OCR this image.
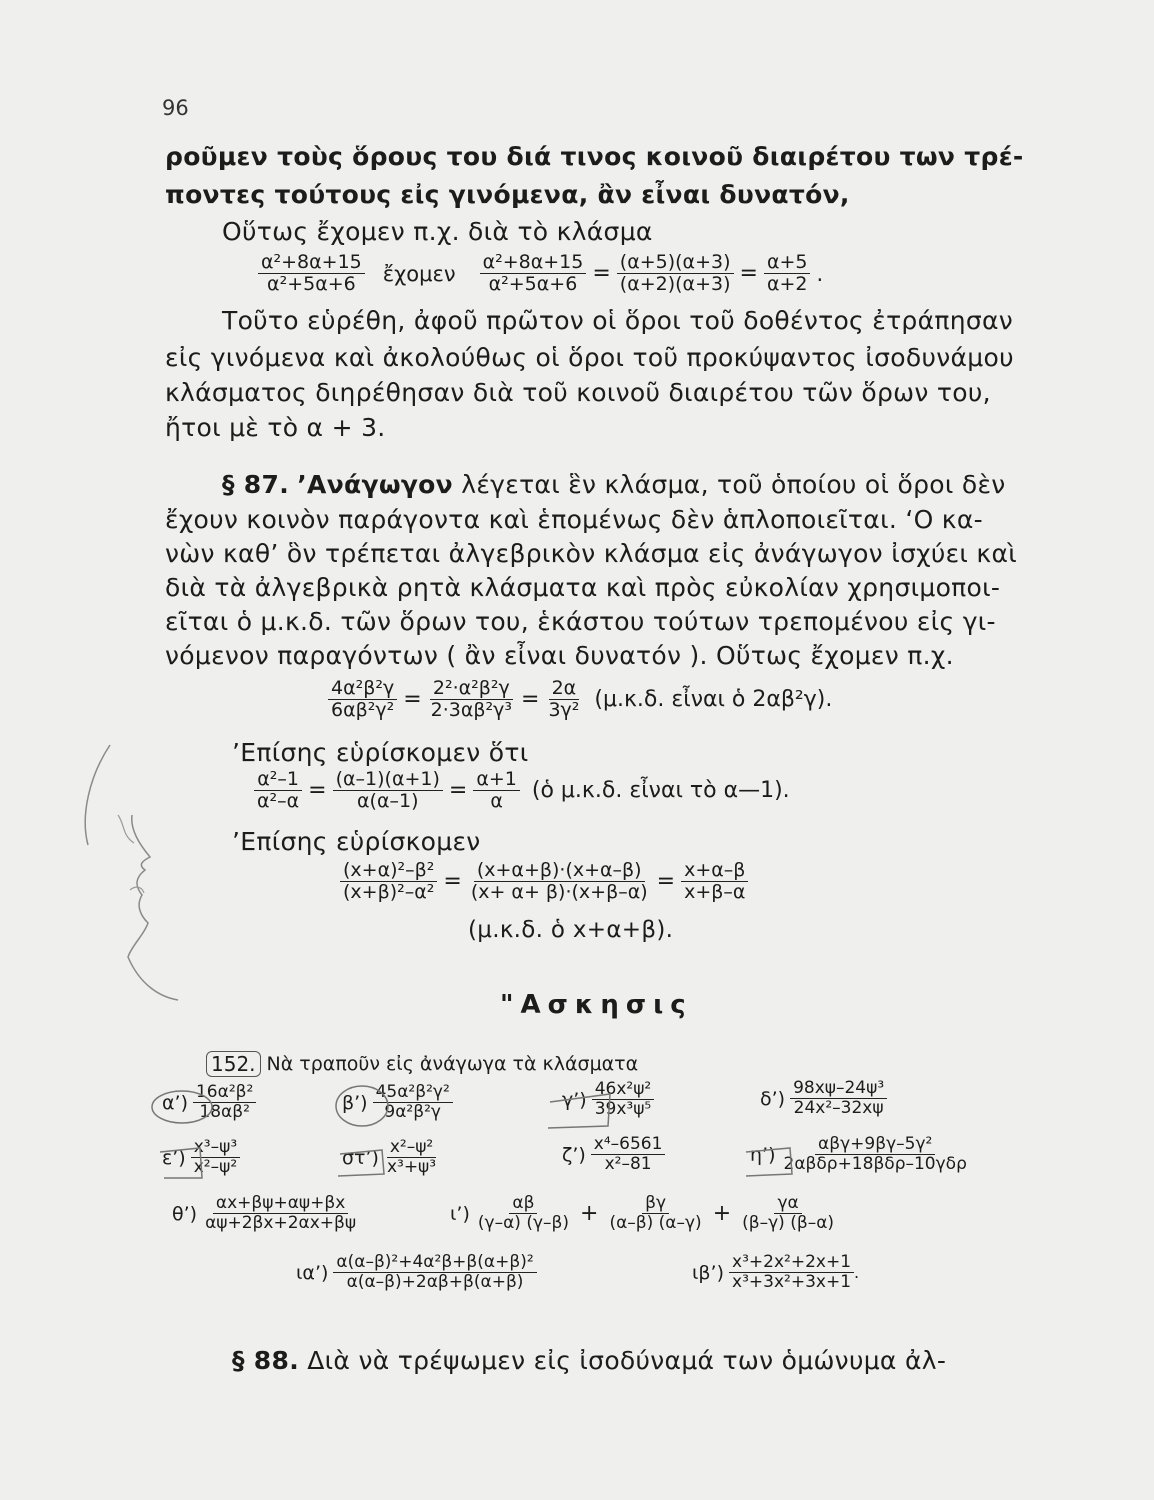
96
ροῦμεν τοὺς ὅρους του διά τινος κοινοῦ διαιρέτου των τρέ-
ποντες τούτους εἰς γινόμενα, ἂν εἶναι δυνατόν,
Οὕτως ἔχομεν π.χ. διὰ τὸ κλάσμα
$\frac{\text{α²+8α+15}}{\text{α²+5α+6}}$ ἔχομεν $\frac{\text{α²+8α+15}}{\text{α²+5α+6}} = \frac{(\alpha+5)(\alpha+3)}{(\alpha+2)(\alpha+3)} = \frac{\alpha+5}{\alpha+2}$ .
Τοῦτο εὑρέθη, ἀφοῦ πρῶτον οἱ ὅροι τοῦ δοθέντος ἐτράπησαν
εἰς γινόμενα καὶ ἀκολούθως οἱ ὅροι τοῦ προκύψαντος ἰσοδυνάμου
κλάσματος διηρέθησαν διὰ τοῦ κοινοῦ διαιρέτου τῶν ὅρων του,
ἤτοι μὲ τὸ α + 3.
§ 87. ’Ανάγωγον λέγεται ἓν κλάσμα, τοῦ ὁποίου οἱ ὅροι δὲν
ἔχουν κοινὸν παράγοντα καὶ ἑπομένως δὲν ἁπλοποιεῖται. ‘Ο κα-
νὼν καθ’ ὃν τρέπεται ἀλγεβρικὸν κλάσμα εἰς ἀνάγωγον ἰσχύει καὶ
διὰ τὰ ἀλγεβρικὰ ρητὰ κλάσματα καὶ πρὸς εὐκολίαν χρησιμοποι-
εῖται ὁ μ.κ.δ. τῶν ὅρων του, ἑκάστου τούτων τρεπομένου εἰς γι-
νόμενον παραγόντων ( ἂν εἶναι δυνατόν ). Οὕτως ἔχομεν π.χ.
$\frac{\text{4α²β²γ}}{\text{6αβ²γ²}} = \frac{\text{2²·α²β²γ}}{\text{2·3αβ²γ³}} = \frac{2\alpha}{\text{3γ²}} (\mu.\kappa.\delta$. εἶναι ὁ 2αβ²γ).
’Επίσης εὑρίσκομεν ὅτι
$\frac{\text{α²–1}}{\text{α²–α}} = \frac{(\alpha-1)(\alpha+1)}{\alpha(\alpha-1)} = \frac{\alpha+1}{\alpha}$ (ὁ μ.κ.δ. εἶναι τὸ α—1).
’Επίσης εὑρίσκομεν
$\frac{\text{(x+α)²–β²}}{\text{(x+β)²–α²}} = \frac{(x+\alpha+\beta)\cdot(x+\alpha-\beta)}{(x+ \alpha+ \beta)\cdot(x+\beta-\alpha)} = \frac{x+\alpha-\beta}{x+\beta-\alpha}$
(μ.κ.δ. ὁ x+α+β).
"Ασκησις
152. Νὰ τραποῦν εἰς ἀνάγωγα τὰ κλάσματα
α’) $\frac{\text{16α²β²}}{\text{18αβ²}}$	β’) $\frac{\text{45α²β²γ²}}{\text{9α²β²γ}}$	γ’) $\frac{\text{46x²ψ²}}{\text{39x³ψ⁵}}$	δ’) $\frac{\text{98xψ–24ψ³}}{\text{24x²–32xψ}}$
ε’) $\frac{\text{x³–ψ³}}{\text{x²–ψ²}}$	στ’) $\frac{\text{x²–ψ²}}{\text{x³+ψ³}}$	ζ’) $\frac{\text{x⁴–6561}}{\text{x²–81}}$	η’) $\frac{\text{αβγ+9βγ–5γ²}}{\text{2αβδρ+18βδρ–10γδρ}}$
θ’) $\frac{\alpha x+\beta\psi+\alpha\psi+\beta x}{\alpha\psi+2\beta x+2\alpha x+\beta\psi}$	ι’) $\frac{\alpha\beta}{(\gamma-\alpha) (\gamma-\beta)} + \frac{\beta\gamma}{(\alpha-\beta) (\alpha-\gamma)} + \frac{\gamma\alpha}{(\beta-\gamma) (\beta-\alpha)}$
ια’) $\frac{\text{α(α–β)²+4α²β+β(α+β)²}}{\alpha(\alpha-\beta)+2\alpha\beta+\beta(\alpha+\beta)}$	ιβ’) $\frac{\text{x³+2x²+2x+1}}{\text{x³+3x²+3x+1}}$ .
§ 88. Διὰ νὰ τρέψωμεν εἰς ἰσοδύναμά των ὁμώνυμα ἀλ-
